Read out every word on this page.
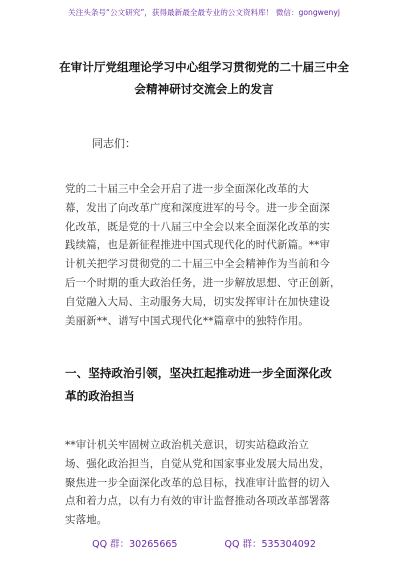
关注头条号“公文研究”，获得最新最全最专业的公文资料库！ 微信：gongwenyj
在审计厅党组理论学习中心组学习贯彻党的二十届三中全
会精神研讨交流会上的发言
同志们：
党的二十届三中全会开启了进一步全面深化改革的大
幕，发出了向改革广度和深度进军的号令。进一步全面深
化改革，既是党的十八届三中全会以来全面深化改革的实
践续篇，也是新征程推进中国式现代化的时代新篇。**审
计机关把学习贯彻党的二十届三中全会精神作为当前和今
后一个时期的重大政治任务，进一步解放思想、守正创新，
自觉融入大局、主动服务大局，切实发挥审计在加快建设
美丽新**、谱写中国式现代化**篇章中的独特作用。
一、坚持政治引领，坚决扛起推动进一步全面深化改
革的政治担当
**审计机关牢固树立政治机关意识，切实站稳政治立
场、强化政治担当，自觉从党和国家事业发展大局出发，
聚焦进一步全面深化改革的总目标，找准审计监督的切入
点和着力点，以有力有效的审计监督推动各项改革部署落
实落地。
QQ 群：30265665	QQ 群：535304092
